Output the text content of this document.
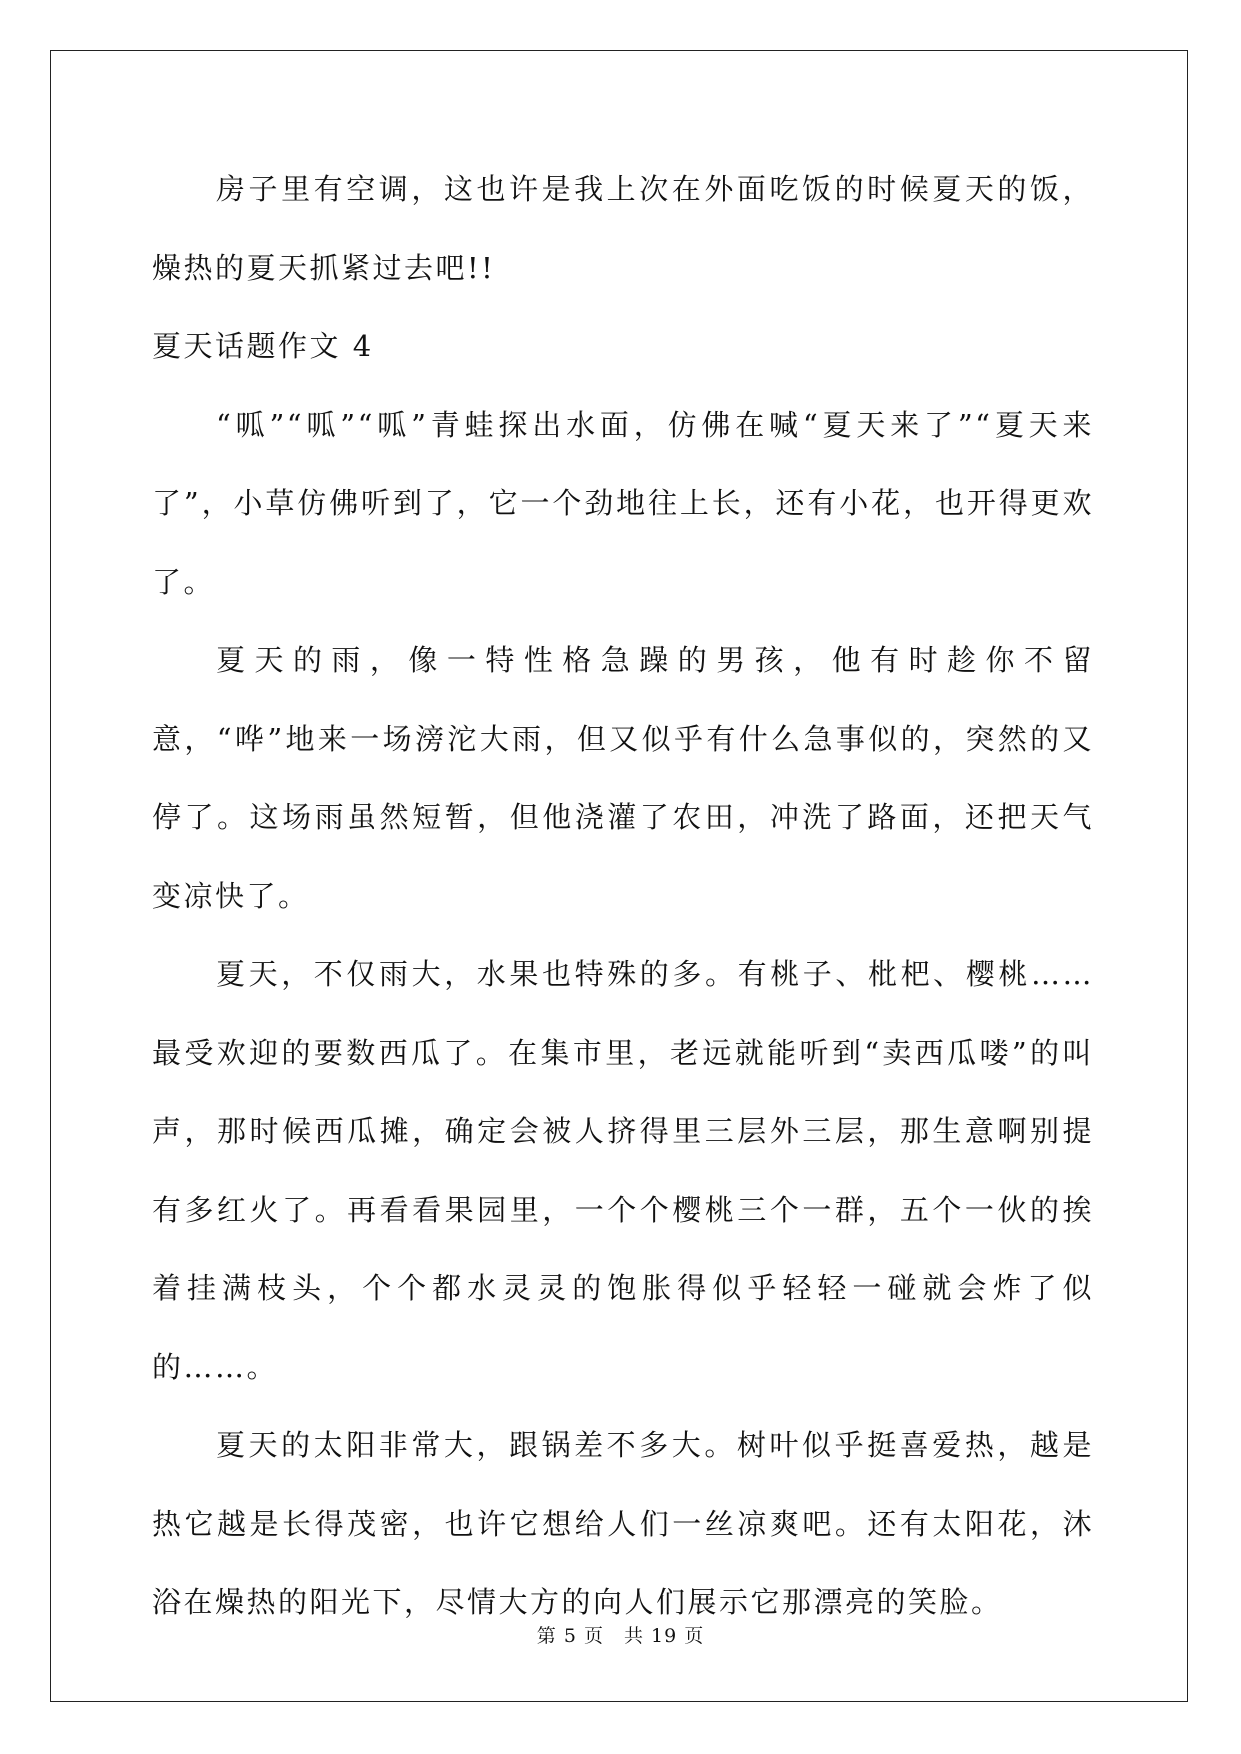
房子里有空调，这也许是我上次在外面吃饭的时候夏天的饭，燥热的夏天抓紧过去吧!!

夏天话题作文 4

“呱”“呱”“呱”青蛙探出水面，仿佛在喊“夏天来了”“夏天来了”，小草仿佛听到了，它一个劲地往上长，还有小花，也开得更欢了。

夏天的雨，像一特性格急躁的男孩，他有时趁你不留意，“哗”地来一场滂沱大雨，但又似乎有什么急事似的，突然的又停了。这场雨虽然短暂，但他浇灌了农田，冲洗了路面，还把天气变凉快了。

夏天，不仅雨大，水果也特殊的多。有桃子、枇杷、樱桃……最受欢迎的要数西瓜了。在集市里，老远就能听到“卖西瓜喽”的叫声，那时候西瓜摊，确定会被人挤得里三层外三层，那生意啊别提有多红火了。再看看果园里，一个个樱桃三个一群，五个一伙的挨着挂满枝头，个个都水灵灵的饱胀得似乎轻轻一碰就会炸了似的……。

夏天的太阳非常大，跟锅差不多大。树叶似乎挺喜爱热，越是热它越是长得茂密，也许它想给人们一丝凉爽吧。还有太阳花，沐浴在燥热的阳光下，尽情大方的向人们展示它那漂亮的笑脸。

第 5 页 共 19 页
